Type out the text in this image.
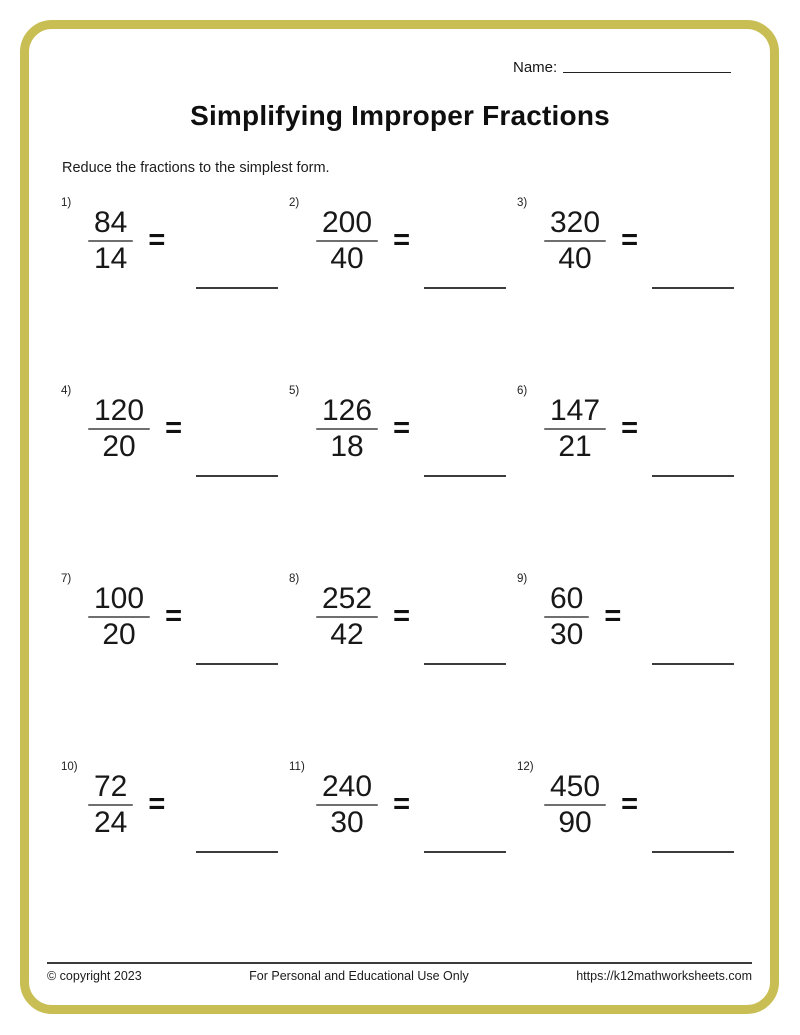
Name:
Simplifying Improper Fractions
Reduce the fractions to the simplest form.
1)
$\frac{84}{14}$ =
2)
$\frac{200}{40}$ =
3)
$\frac{320}{40}$ =
4)
$\frac{120}{20}$ =
5)
$\frac{126}{18}$ =
6)
$\frac{147}{21}$ =
7)
$\frac{100}{20}$ =
8)
$\frac{252}{42}$ =
9)
$\frac{60}{30}$ =
10)
$\frac{72}{24}$ =
11)
$\frac{240}{30}$ =
12)
$\frac{450}{90}$ =
© copyright 2023	For Personal and Educational Use Only	https://k12mathworksheets.com
